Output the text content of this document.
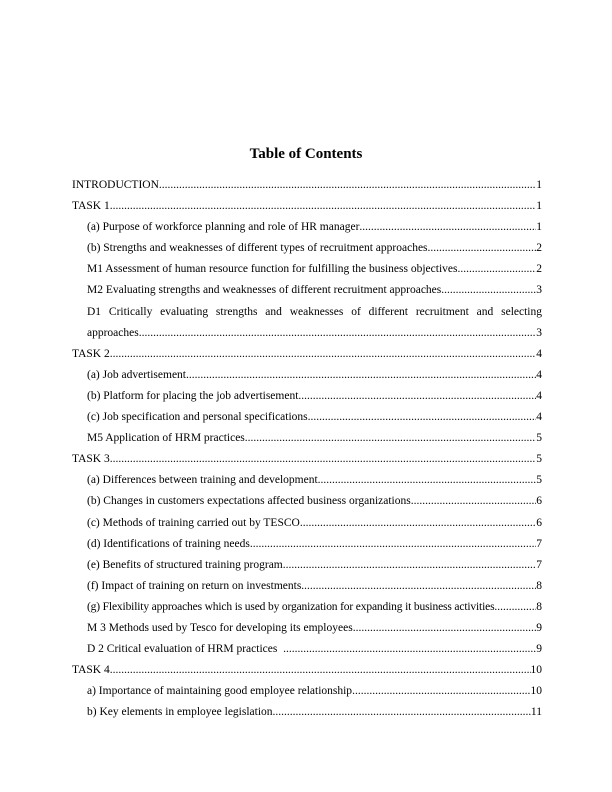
Table of Contents
INTRODUCTION .....	1
TASK 1 .....	1
(a) Purpose of workforce planning and role of HR manager .....	1
(b) Strengths and weaknesses of different types of recruitment approaches .....	2
M1 Assessment of human resource function for fulfilling the business objectives .....	2
M2 Evaluating strengths and weaknesses of different recruitment approaches .....	3
D1 Critically evaluating strengths and weaknesses of different recruitment and selecting
approaches .....	3
TASK 2 .....	4
(a) Job advertisement .....	4
(b) Platform for placing the job advertisement .....	4
(c) Job specification and personal specifications .....	4
M5 Application of HRM practices .....	5
TASK 3 .....	5
(a) Differences between training and development .....	5
(b) Changes in customers expectations affected business organizations .....	6
(c) Methods of training carried out by TESCO .....	6
(d) Identifications of training needs .....	7
(e) Benefits of structured training program .....	7
(f) Impact of training on return on investments .....	8
(g) Flexibility approaches which is used by organization for expanding it business activities .....	8
M 3 Methods used by Tesco for developing its employees .....	9
D 2 Critical evaluation of HRM practices .....	9
TASK 4 .....	10
a) Importance of maintaining good employee relationship .....	10
b) Key elements in employee legislation .....	11
